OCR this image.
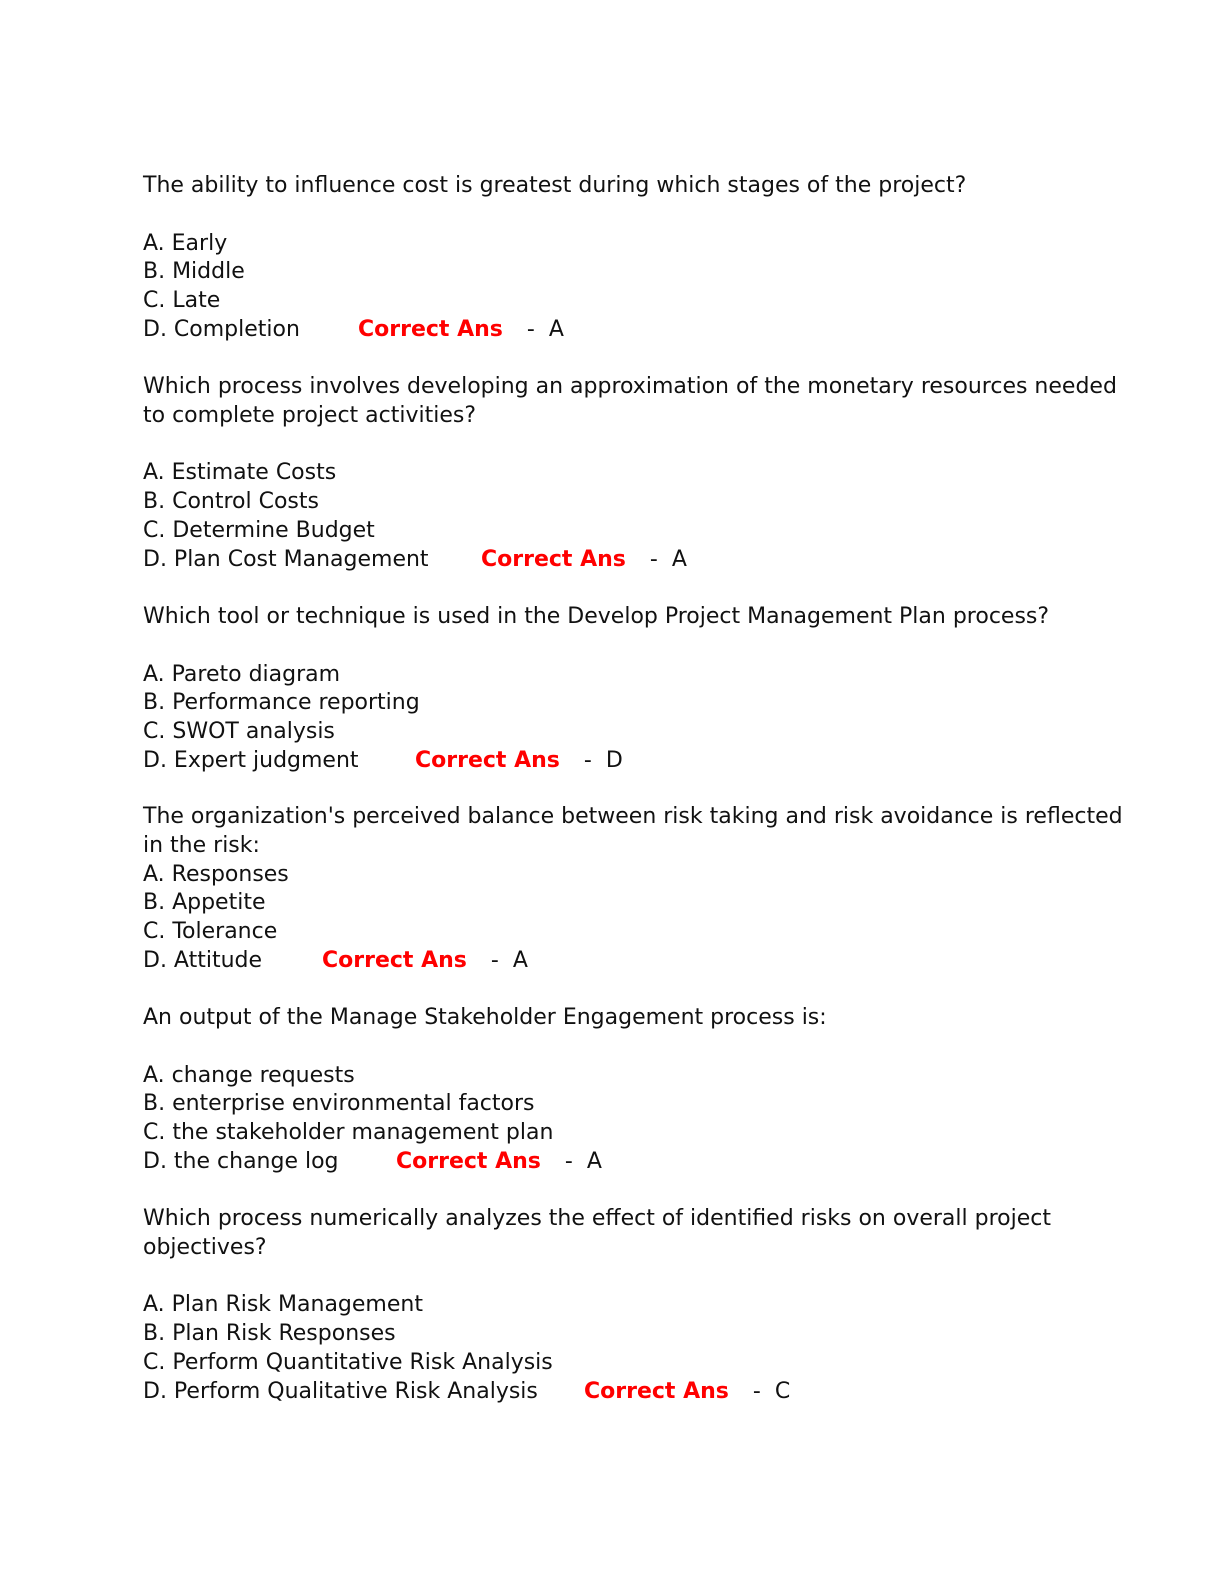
The ability to influence cost is greatest during which stages of the project?
A. Early
B. Middle
C. Late
D. Completion	Correct Ans - A
Which process involves developing an approximation of the monetary resources needed
to complete project activities?
A. Estimate Costs
B. Control Costs
C. Determine Budget
D. Plan Cost Management Correct Ans - A
Which tool or technique is used in the Develop Project Management Plan process?
A. Pareto diagram
B. Performance reporting
C. SWOT analysis
D. Expert judgment	Correct Ans - D
The organization's perceived balance between risk taking and risk avoidance is reflected
in the risk:
A. Responses
B. Appetite
C. Tolerance
D. Attitude	Correct Ans - A
An output of the Manage Stakeholder Engagement process is:
A. change requests
B. enterprise environmental factors
C. the stakeholder management plan
D. the change log	Correct Ans - A
Which process numerically analyzes the effect of identified risks on overall project
objectives?
A. Plan Risk Management
B. Plan Risk Responses
C. Perform Quantitative Risk Analysis
D. Perform Qualitative Risk Analysis Correct Ans - C
